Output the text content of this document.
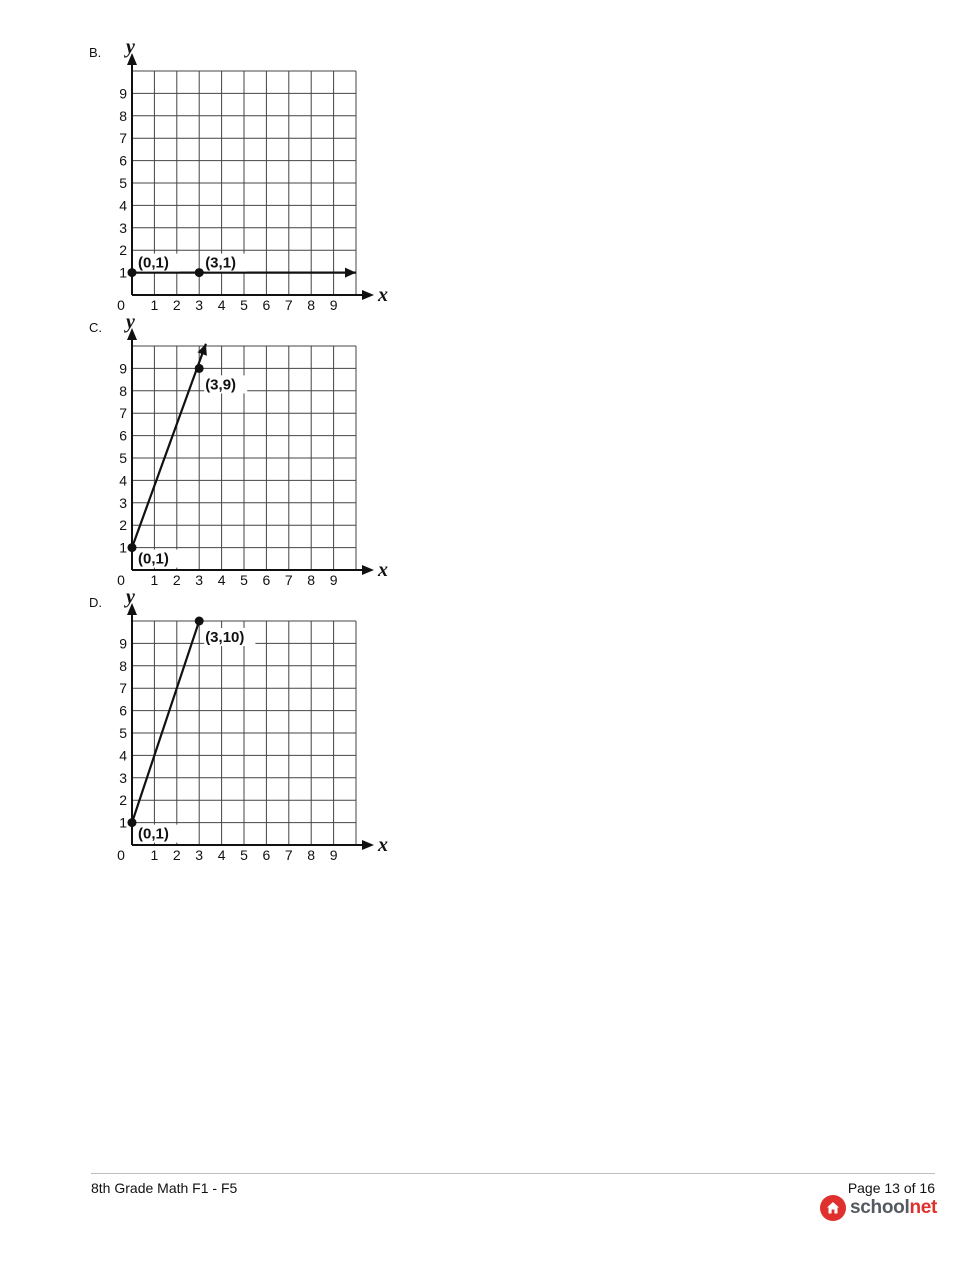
B.
x
y
0 1 2 3 4 5 6 7 8 9
1
2
3
4
5
6
7
8
9
(0,1) (3,1)
C.
x
y
0 1 2 3 4 5 6 7 8 9
1
2
3
4
5
6
7
8
9
(0,1)
(3,9)
D.
x
y
0 1 2 3 4 5 6 7 8 9
1
2
3
4
5
6
7
8
9
(0,1)
(3,10)
8th Grade Math F1 - F5	Page 13 of 16
schoolnet
